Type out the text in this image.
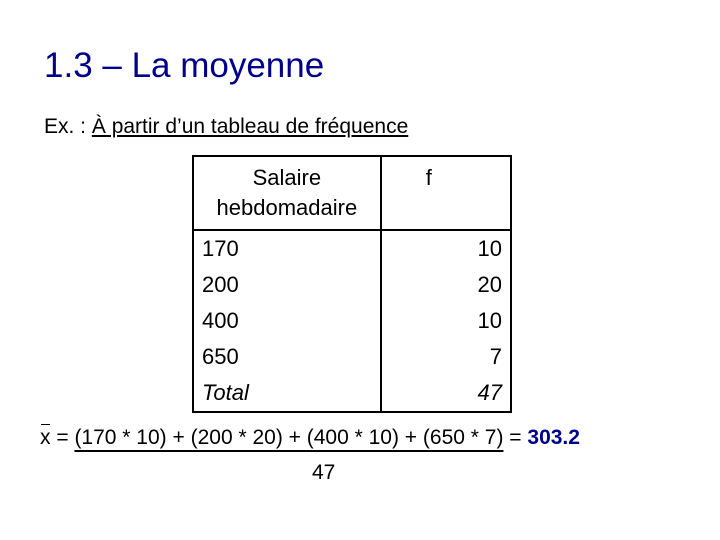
1.3 – La moyenne
Ex. : À partir d’un tableau de fréquence
Salaire
hebdomadaire	f
170	10
200	20
400	10
650	7
Total	47
x = (170 * 10) + (200 * 20) + (400 * 10) + (650 * 7) = 303.2
47
